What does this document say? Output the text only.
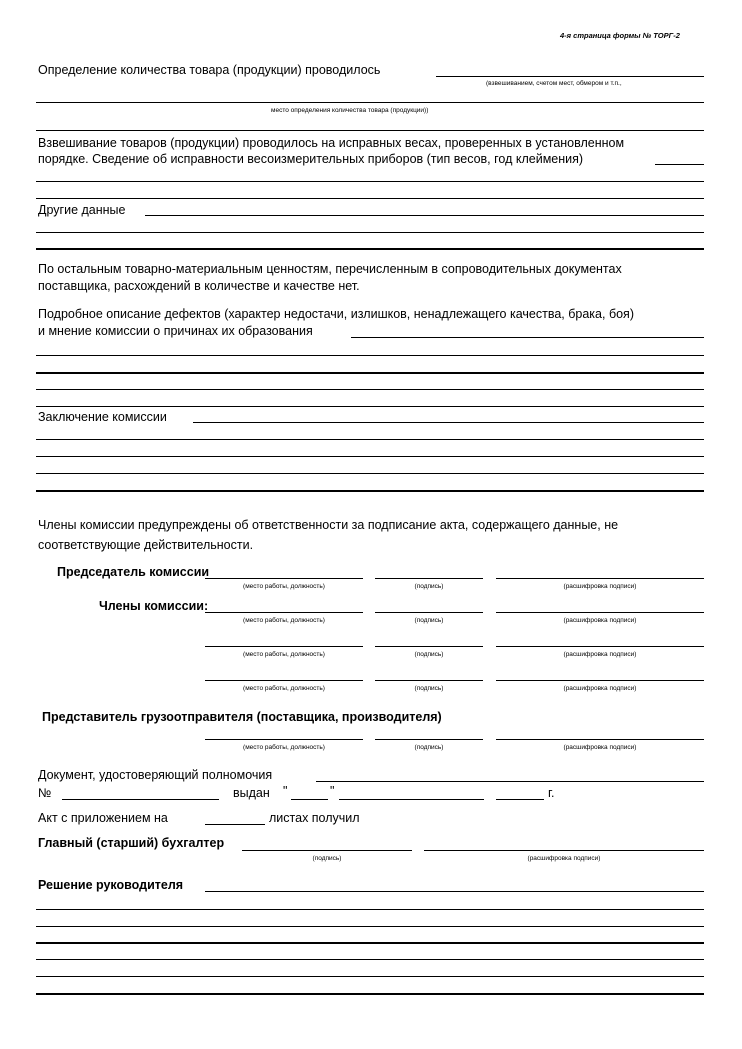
4-я страница формы № ТОРГ-2
Определение количества товара (продукции) проводилось
(взвешиванием, счетом мест, обмером и т.п.,
место определения количества товара (продукции))
Взвешивание товаров (продукции) проводилось на исправных весах, проверенных в установленном
порядке. Сведение об исправности весоизмерительных приборов (тип весов, год клеймения)
Другие данные
По остальным товарно-материальным ценностям, перечисленным в сопроводительных документах
поставщика, расхождений в количестве и качестве нет.
Подробное описание дефектов (характер недостачи, излишков, ненадлежащего качества, брака, боя)
и мнение комиссии о причинах их образования
Заключение комиссии
Члены комиссии предупреждены об ответственности за подписание акта, содержащего данные, не
соответствующие действительности.
Председатель комиссии
(место работы, должность)	(подпись)	(расшифровка подписи)
Члены комиссии:
(место работы, должность)	(подпись)	(расшифровка подписи)
(место работы, должность)	(подпись)	(расшифровка подписи)
(место работы, должность)	(подпись)	(расшифровка подписи)
Представитель грузоотправителя (поставщика, производителя)
(место работы, должность)	(подпись)	(расшифровка подписи)
Документ, удостоверяющий полномочия
№	выдан "	"	г.
Акт с приложением на	листах получил
Главный (старший) бухгалтер
(подпись)	(расшифровка подписи)
Решение руководителя
